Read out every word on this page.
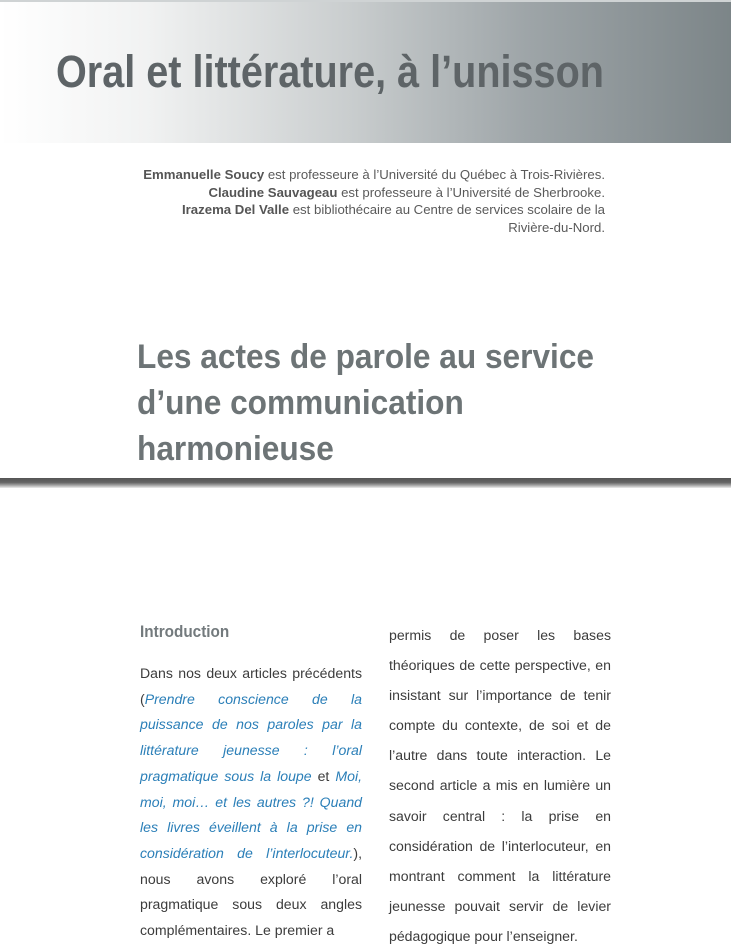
Oral et littérature, à l’unisson

Emmanuelle Soucy est professeure à l’Université du Québec à Trois-Rivières.

Claudine Sauvageau est professeure à l’Université de Sherbrooke.

Irazema Del Valle est bibliothécaire au Centre de services scolaire de la Rivière-du-Nord.

Les actes de parole au service d’une communication harmonieuse
Introduction

Dans nos deux articles précédents (Prendre conscience de la puissance de nos paroles par la littérature jeunesse : l’oral pragmatique sous la loupe et Moi, moi, moi… et les autres ?! Quand les livres éveillent à la prise en considération de l’interlocuteur.), nous avons exploré l’oral pragmatique sous deux angles complémentaires. Le premier a

permis de poser les bases théoriques de cette perspective, en insistant sur l’importance de tenir compte du contexte, de soi et de l’autre dans toute interaction. Le second article a mis en lumière un savoir central : la prise en considération de l’interlocuteur, en montrant comment la littérature jeunesse pouvait servir de levier pédagogique pour l’enseigner.
